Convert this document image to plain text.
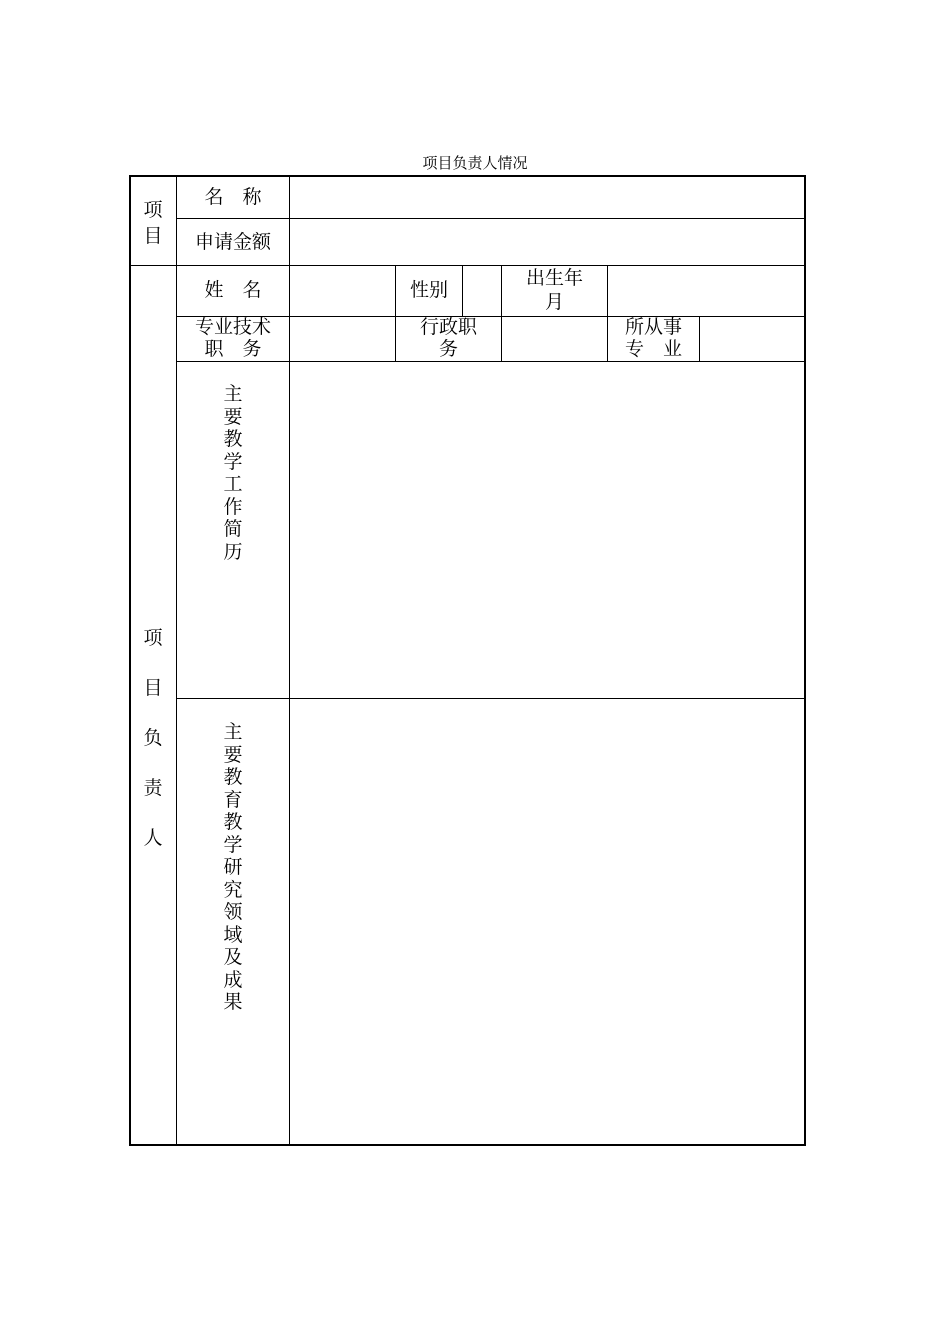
项目负责人情况
项目
名　称
申请金额
项目负责人
姓　名	性别
出生年
月
专业技术
职　务
行政职
务
所从事
专　业
主要教学工作简历
主要教育教学研究领域及成果
